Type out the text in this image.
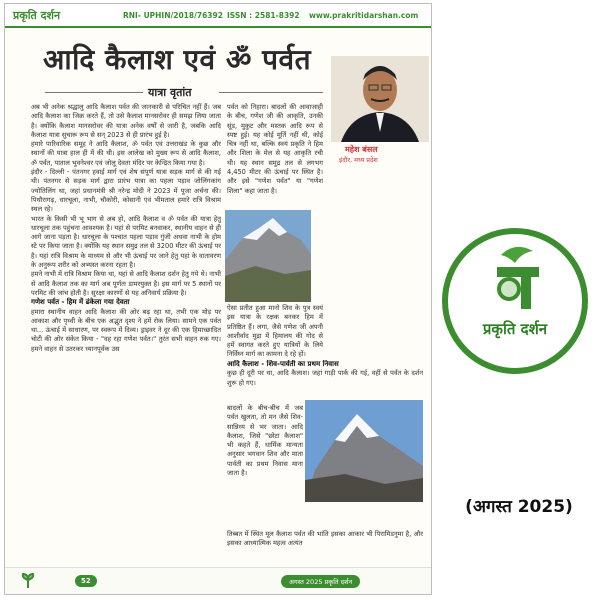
प्रकृति दर्शन	RNI- UPHIN/2018/76392 ISSN : 2581-8392 www.prakritidarshan.com
आदि कैलाश एवं ॐ पर्वत
यात्रा वृतांत
महेश बंसल
इंदौर, मध्य प्रदेश

अब भी अनेक श्रद्धालु आदि कैलाश पर्वत की जानकारी से परिचित नहीं हैं। जब आदि कैलाश का जिक्र करते हैं, तो उसे कैलाश मानसरोवर ही समझ लिया जाता है। क्योंकि कैलाश मानसरोवर की यात्रा अनेक वर्षों से जारी है, जबकि आदि कैलाश यात्रा सुचारू रूप से सन् 2023 से ही प्रारंभ हुई है।

हमारे पारिवारिक समूह ने आदि कैलाश, ॐ पर्वत एवं उत्तराखंड के कुछ और स्थानों की यात्रा हाल ही में की थी। इस आलेख को मुख्य रूप से आदि कैलाश, ॐ पर्वत, पाताल भुवनेश्वर एवं जोलू देवता मंदिर पर केन्द्रित किया गया है।

इंदौर - दिल्ली - पंतनगर हवाई मार्ग एवं शेष संपूर्ण यात्रा सड़क मार्ग से की गई थी। पंतनगर से सड़क मार्ग द्वारा प्रारंभ यात्रा का पहला पड़ाव जोलिंगकांग ज्योतिलिंग था, जहां प्रधानमंत्री श्री नरेन्द्र मोदी ने 2023 में पूजा अर्चना की। पिथौरागढ़, धारचूला, नाभी, चौकोरी, कोसानी एवं भीमताल हमारे रात्रि विश्राम स्थल रहे।

भारत के किसी भी भू भाग से अब हो, आदि कैलाश व ॐ पर्वत की यात्रा हेतु धारचूला तक पहुंचना आवश्यक है। यहां से परमिट बनवाकर, स्थानीय वाहन से ही आगे जाना पड़ता है। धारचूला के पश्चात पहला पड़ाव गुंजी अथवा नाभी के होम स्टे पर किया जाता है। क्योंकि यह स्थान समुद्र तल से 3200 मीटर की ऊंचाई पर है। यहां रात्रि विश्राम के माध्यम से और भी ऊंचाई पर जाने हेतु यहां के वातावरण के अनुरूप शरीर को अभ्यस्त करना रहता है।

हमने नाभी में रात्रि विश्राम किया था, यहां से आदि कैलाश दर्शन हेतु गये थे। नाभी से आदि कैलाश तक का मार्ग अब पूर्णतः डामरयुक्त है। इस मार्ग पर 5 स्थानों पर परमिट की जांच होती है। सुरक्षा कारणों से यह अनिवार्य प्रक्रिया है।

गणेश पर्वत - हिम में ढंकेला गया देवता

हमारा स्थानीय वाहन आदि कैलाश की ओर बढ़ रहा था, तभी एक मोड़ पर आकाश और पृथ्वी के बीच एक अद्भुत दृश्य ने हमें रोक लिया। सामने एक पर्वत था... ऊंचाई में साधारण, पर स्वरूप में दिव्य। ड्राइवर ने दूर की एक हिमाच्छादित चोटी की ओर संकेत किया - "वह रहा गणेश पर्वत।" तुरंत सभी वाहन रुक गए। हमने वाहन से उतरकर ध्यानपूर्वक उस

पर्वत को निहारा। बादलों की आवाजाही के बीच, गणेश जी की आकृति, उनकी सूंड, मुकुट और मस्तक आदि रूप से स्पष्ट हुई। यह कोई मूर्ति नहीं थी, कोई चित्र नहीं था, बल्कि स्वयं प्रकृति ने हिम और शिला के मेल से यह आकृति रची थी। यह स्थान समुद्र तल से लगभग 4,450 मीटर की ऊंचाई पर स्थित है। और इसे "गणेश पर्वत" या "गणेश शिला" कहा जाता है।

ऐसा प्रतीत हुआ मानो शिव के पुत्र स्वयं इस यात्रा के रक्षक बनकर हिम में प्रतिष्ठित हैं। लगा, जैसे गणेश जी अपनी आशीर्वाद मुद्रा में हिमालय की गोद से हमें स्वागत करते हुए यात्रियों के लिये निर्विघ्न मार्ग का कामना दे रहे हों।

आदि कैलाश - शिव-पार्वती का प्रथम निवास

कुछ ही दूरी पर था, आदि कैलाश। जहां गाड़ी पार्क की गई, वहीं से पर्वत के दर्शन शुरू हो गए।

बादलों के बीच-बीच में जब पर्वत खुलता, तो मन जैसे शिव-सान्निध्य से भर जाता। आदि कैलाश, जिसे "छोटा कैलाश" भी कहते हैं, धार्मिक मान्यता अनुसार भगवान शिव और माता पार्वती का प्रथम निवास माना जाता है।

तिब्बत में स्थित मूल कैलाश पर्वत की भांति इसका आकार भी पिरामिडनुमा है, और इसका आध्यात्मिक महत्व अत्यंत

52	अगस्त 2025 प्रकृति दर्शन
प्रकृति दर्शन
(अगस्त 2025)
